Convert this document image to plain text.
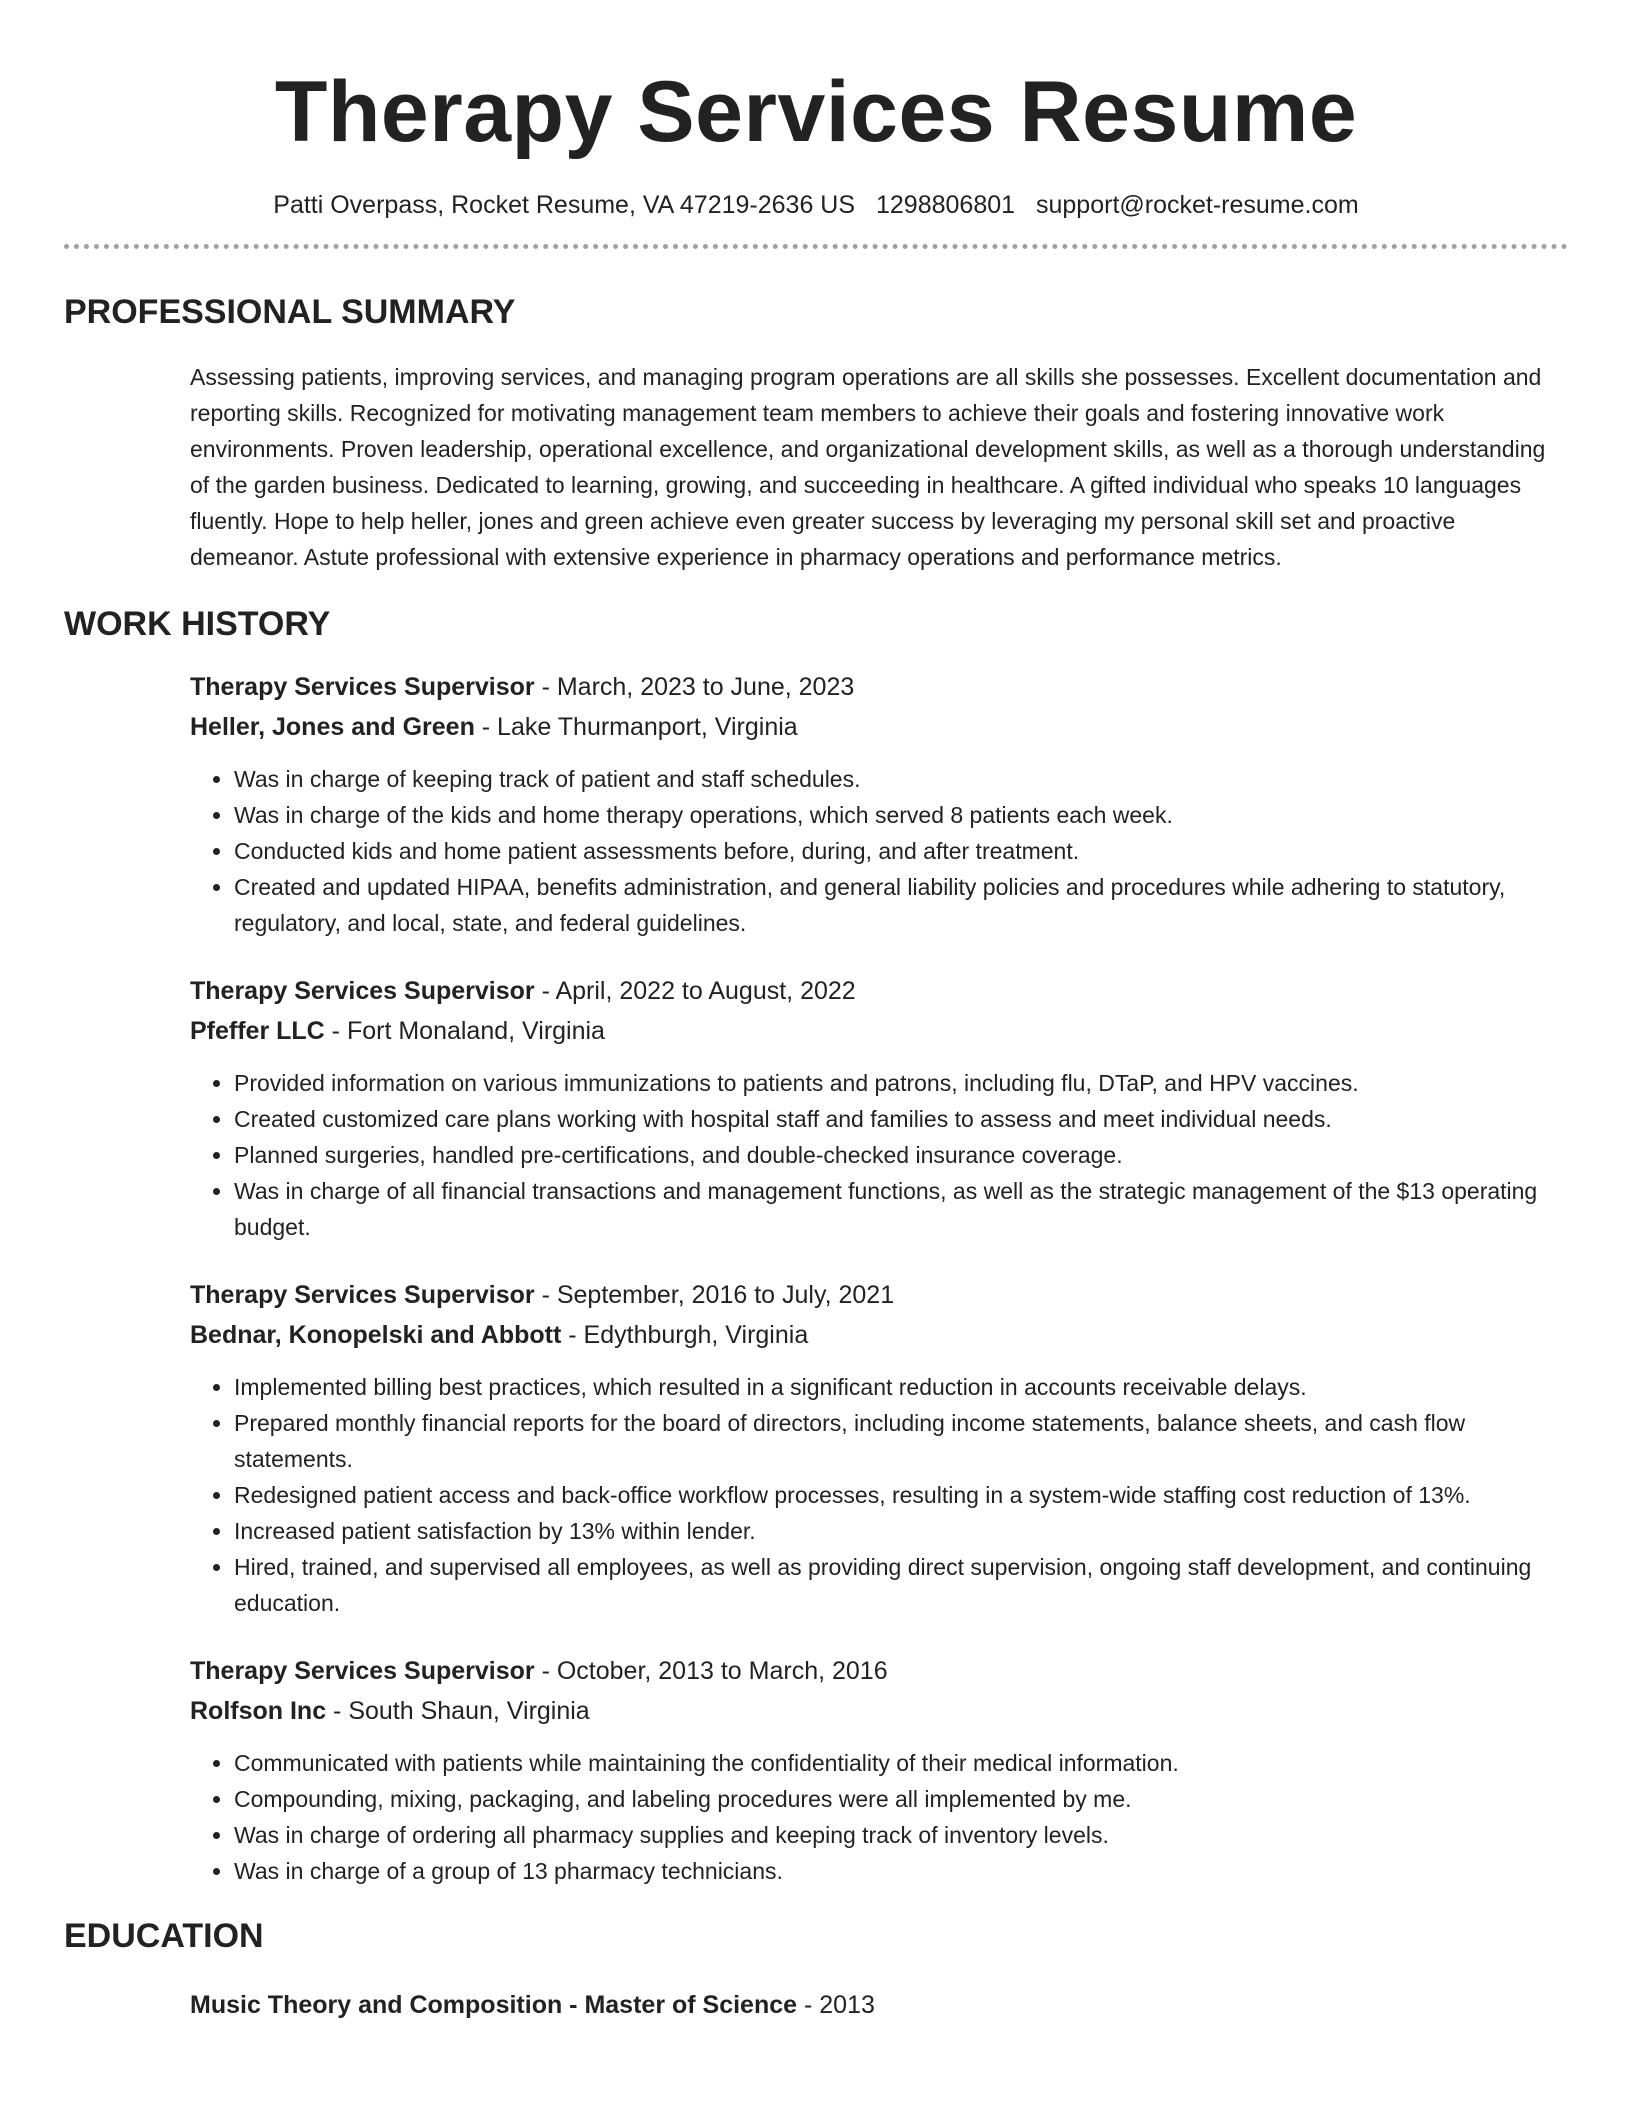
Therapy Services Resume
Patti Overpass, Rocket Resume, VA 47219-2636 US 1298806801 support@rocket-resume.com
PROFESSIONAL SUMMARY

Assessing patients, improving services, and managing program operations are all skills she possesses. Excellent documentation and reporting skills. Recognized for motivating management team members to achieve their goals and fostering innovative work environments. Proven leadership, operational excellence, and organizational development skills, as well as a thorough understanding of the garden business. Dedicated to learning, growing, and succeeding in healthcare. A gifted individual who speaks 10 languages fluently. Hope to help heller, jones and green achieve even greater success by leveraging my personal skill set and proactive demeanor. Astute professional with extensive experience in pharmacy operations and performance metrics.

WORK HISTORY
Therapy Services Supervisor - March, 2023 to June, 2023
Heller, Jones and Green - Lake Thurmanport, Virginia
• Was in charge of keeping track of patient and staff schedules.
• Was in charge of the kids and home therapy operations, which served 8 patients each week.
• Conducted kids and home patient assessments before, during, and after treatment.
• Created and updated HIPAA, benefits administration, and general liability policies and procedures while adhering to statutory, regulatory, and local, state, and federal guidelines.
Therapy Services Supervisor - April, 2022 to August, 2022
Pfeffer LLC - Fort Monaland, Virginia
• Provided information on various immunizations to patients and patrons, including flu, DTaP, and HPV vaccines.
• Created customized care plans working with hospital staff and families to assess and meet individual needs.
• Planned surgeries, handled pre-certifications, and double-checked insurance coverage.
• Was in charge of all financial transactions and management functions, as well as the strategic management of the $13 operating budget.
Therapy Services Supervisor - September, 2016 to July, 2021
Bednar, Konopelski and Abbott - Edythburgh, Virginia
• Implemented billing best practices, which resulted in a significant reduction in accounts receivable delays.
• Prepared monthly financial reports for the board of directors, including income statements, balance sheets, and cash flow statements.
• Redesigned patient access and back-office workflow processes, resulting in a system-wide staffing cost reduction of 13%.
• Increased patient satisfaction by 13% within lender.
• Hired, trained, and supervised all employees, as well as providing direct supervision, ongoing staff development, and continuing education.
Therapy Services Supervisor - October, 2013 to March, 2016
Rolfson Inc - South Shaun, Virginia
• Communicated with patients while maintaining the confidentiality of their medical information.
• Compounding, mixing, packaging, and labeling procedures were all implemented by me.
• Was in charge of ordering all pharmacy supplies and keeping track of inventory levels.
• Was in charge of a group of 13 pharmacy technicians.
EDUCATION
Music Theory and Composition - Master of Science - 2013
